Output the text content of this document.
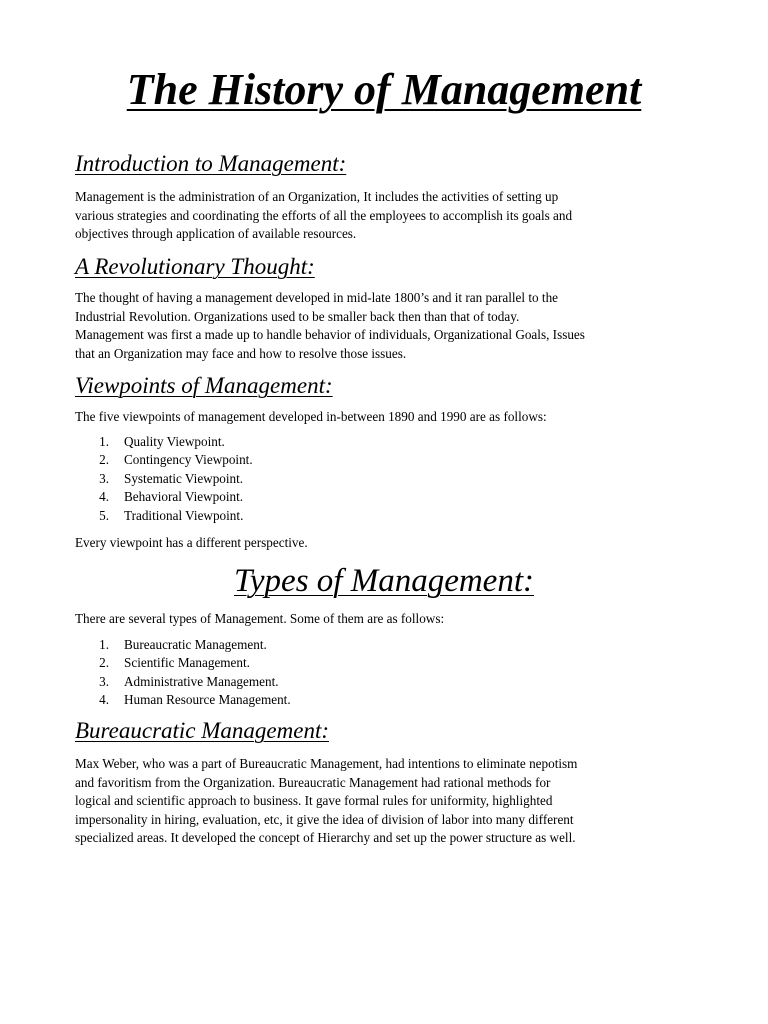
The History of Management
Introduction to Management:

Management is the administration of an Organization, It includes the activities of setting up
various strategies and coordinating the efforts of all the employees to accomplish its goals and
objectives through application of available resources.

A Revolutionary Thought:

The thought of having a management developed in mid-late 1800’s and it ran parallel to the
Industrial Revolution. Organizations used to be smaller back then than that of today.
Management was first a made up to handle behavior of individuals, Organizational Goals, Issues
that an Organization may face and how to resolve those issues.

Viewpoints of Management:

The five viewpoints of management developed in-between 1890 and 1990 are as follows:

1. Quality Viewpoint.
2. Contingency Viewpoint.
3. Systematic Viewpoint.
4. Behavioral Viewpoint.
5. Traditional Viewpoint.

Every viewpoint has a different perspective.

Types of Management:

There are several types of Management. Some of them are as follows:

1. Bureaucratic Management.
2. Scientific Management.
3. Administrative Management.
4. Human Resource Management.
Bureaucratic Management:

Max Weber, who was a part of Bureaucratic Management, had intentions to eliminate nepotism
and favoritism from the Organization. Bureaucratic Management had rational methods for
logical and scientific approach to business. It gave formal rules for uniformity, highlighted
impersonality in hiring, evaluation, etc, it give the idea of division of labor into many different
specialized areas. It developed the concept of Hierarchy and set up the power structure as well.
